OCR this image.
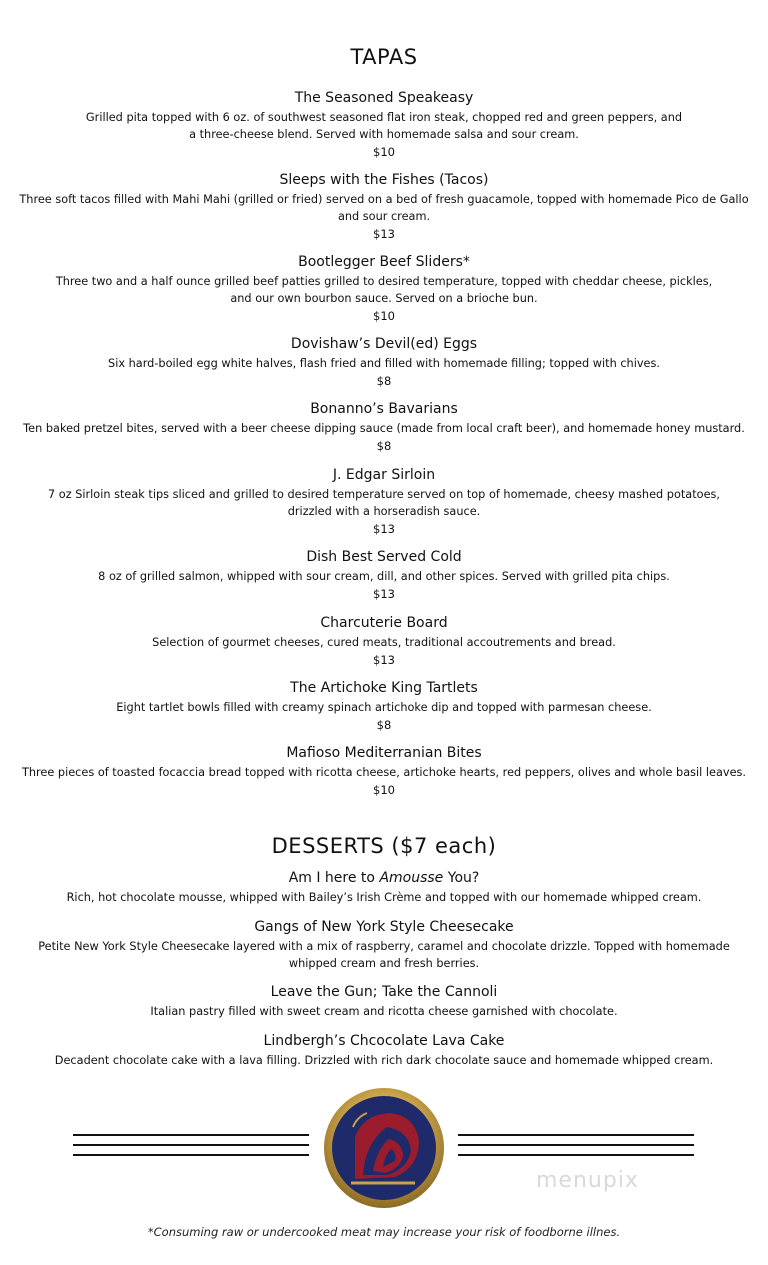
TAPAS

The Seasoned Speakeasy

Grilled pita topped with 6 oz. of southwest seasoned flat iron steak, chopped red and green peppers, and a three-cheese blend. Served with homemade salsa and sour cream.

$10

Sleeps with the Fishes (Tacos)

Three soft tacos filled with Mahi Mahi (grilled or fried) served on a bed of fresh guacamole, topped with homemade Pico de Gallo and sour cream.

$13

Bootlegger Beef Sliders*

Three two and a half ounce grilled beef patties grilled to desired temperature, topped with cheddar cheese, pickles, and our own bourbon sauce. Served on a brioche bun.

$10

Dovishaw’s Devil(ed) Eggs

Six hard-boiled egg white halves, flash fried and filled with homemade filling; topped with chives.

$8

Bonanno’s Bavarians

Ten baked pretzel bites, served with a beer cheese dipping sauce (made from local craft beer), and homemade honey mustard.

$8

J. Edgar Sirloin

7 oz Sirloin steak tips sliced and grilled to desired temperature served on top of homemade, cheesy mashed potatoes, drizzled with a horseradish sauce.

$13

Dish Best Served Cold

8 oz of grilled salmon, whipped with sour cream, dill, and other spices. Served with grilled pita chips.

$13

Charcuterie Board

Selection of gourmet cheeses, cured meats, traditional accoutrements and bread.

$13

The Artichoke King Tartlets

Eight tartlet bowls filled with creamy spinach artichoke dip and topped with parmesan cheese.

$8

Mafioso Mediterranian Bites

Three pieces of toasted focaccia bread topped with ricotta cheese, artichoke hearts, red peppers, olives and whole basil leaves.

$10

DESSERTS ($7 each)

Am I here to Amousse You?

Rich, hot chocolate mousse, whipped with Bailey’s Irish Crème and topped with our homemade whipped cream.

Gangs of New York Style Cheesecake

Petite New York Style Cheesecake layered with a mix of raspberry, caramel and chocolate drizzle. Topped with homemade whipped cream and fresh berries.

Leave the Gun; Take the Cannoli

Italian pastry filled with sweet cream and ricotta cheese garnished with chocolate.

Lindbergh’s Chcocolate Lava Cake

Decadent chocolate cake with a lava filling. Drizzled with rich dark chocolate sauce and homemade whipped cream.

menupix
*Consuming raw or undercooked meat may increase your risk of foodborne illnes.
